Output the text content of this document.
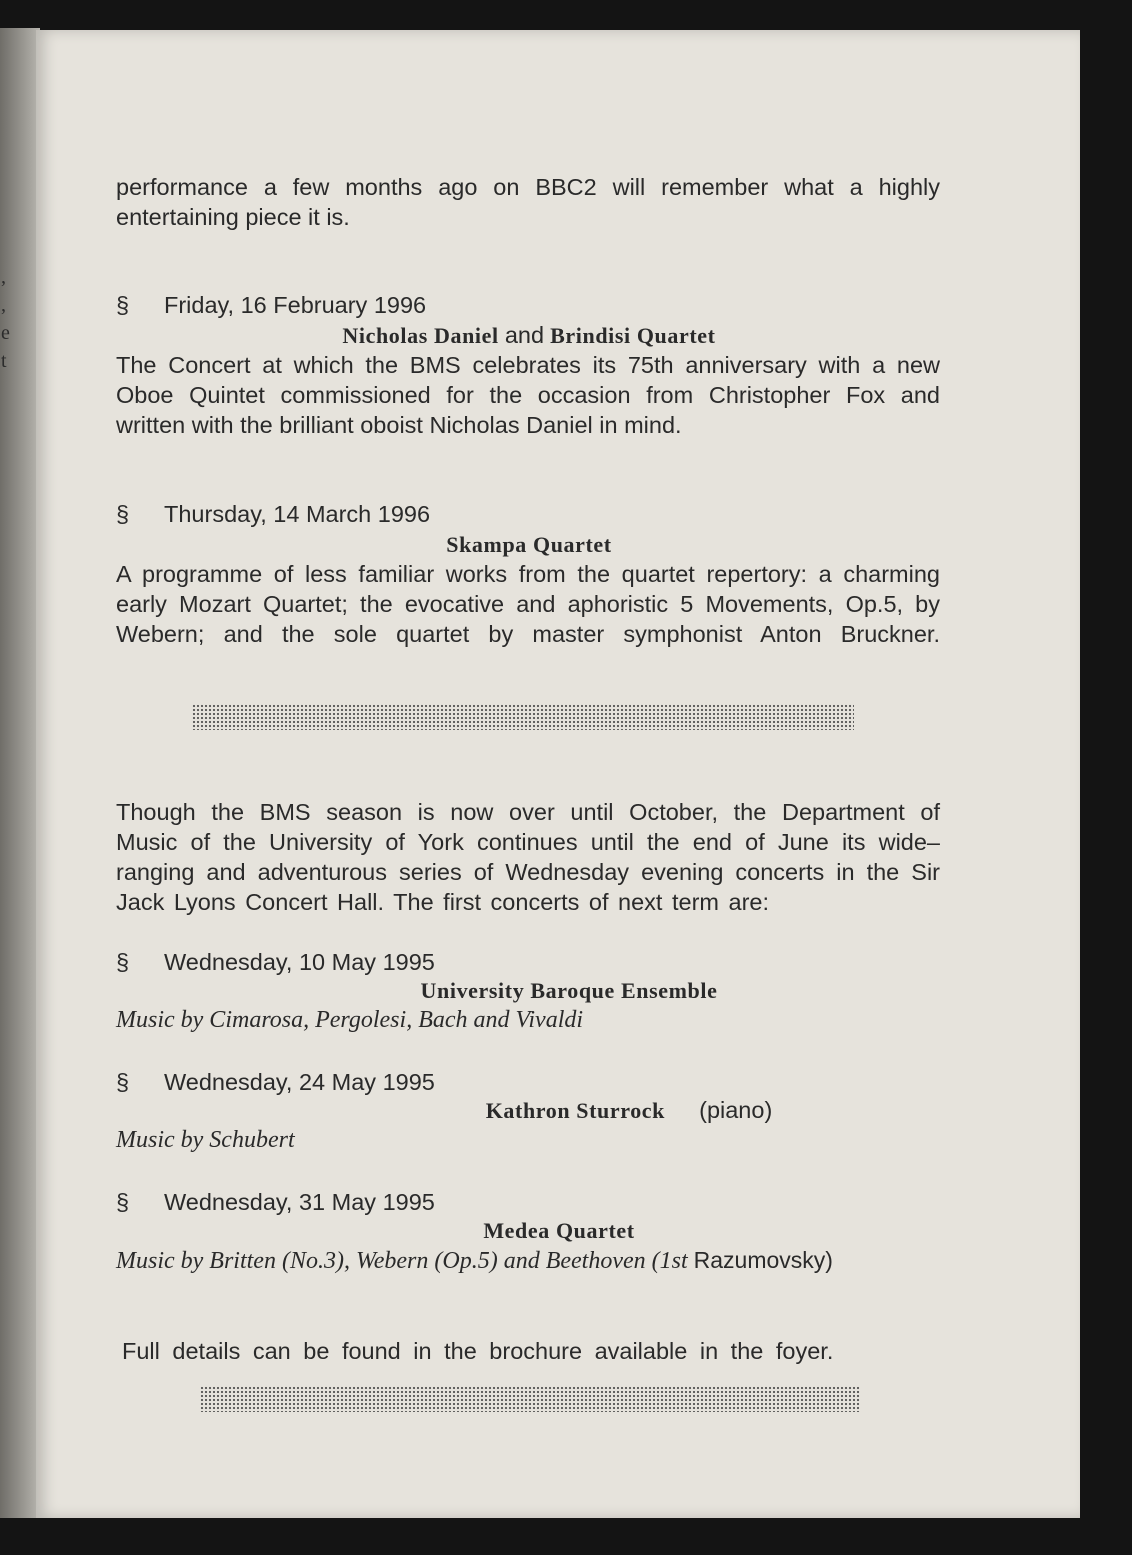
,
,
e
t
performance a few months ago on BBC2 will remember what a highly
entertaining piece it is.
§ Friday, 16 February 1996
Nicholas Daniel and Brindisi Quartet
The Concert at which the BMS celebrates its 75th anniversary with a new
Oboe Quintet commissioned for the occasion from Christopher Fox and
written with the brilliant oboist Nicholas Daniel in mind.
§ Thursday, 14 March 1996
Skampa Quartet
A programme of less familiar works from the quartet repertory: a charming
early Mozart Quartet; the evocative and aphoristic 5 Movements, Op.5, by
Webern; and the sole quartet by master symphonist Anton Bruckner.
Though the BMS season is now over until October, the Department of
Music of the University of York continues until the end of June its wide–
ranging and adventurous series of Wednesday evening concerts in the Sir
Jack Lyons Concert Hall. The first concerts of next term are:
§ Wednesday, 10 May 1995
University Baroque Ensemble
Music by Cimarosa, Pergolesi, Bach and Vivaldi
§ Wednesday, 24 May 1995
Kathron Sturrock (piano)
Music by Schubert
§ Wednesday, 31 May 1995
Medea Quartet
Music by Britten (No.3), Webern (Op.5) and Beethoven (1st Razumovsky)
Full details can be found in the brochure available in the foyer.
